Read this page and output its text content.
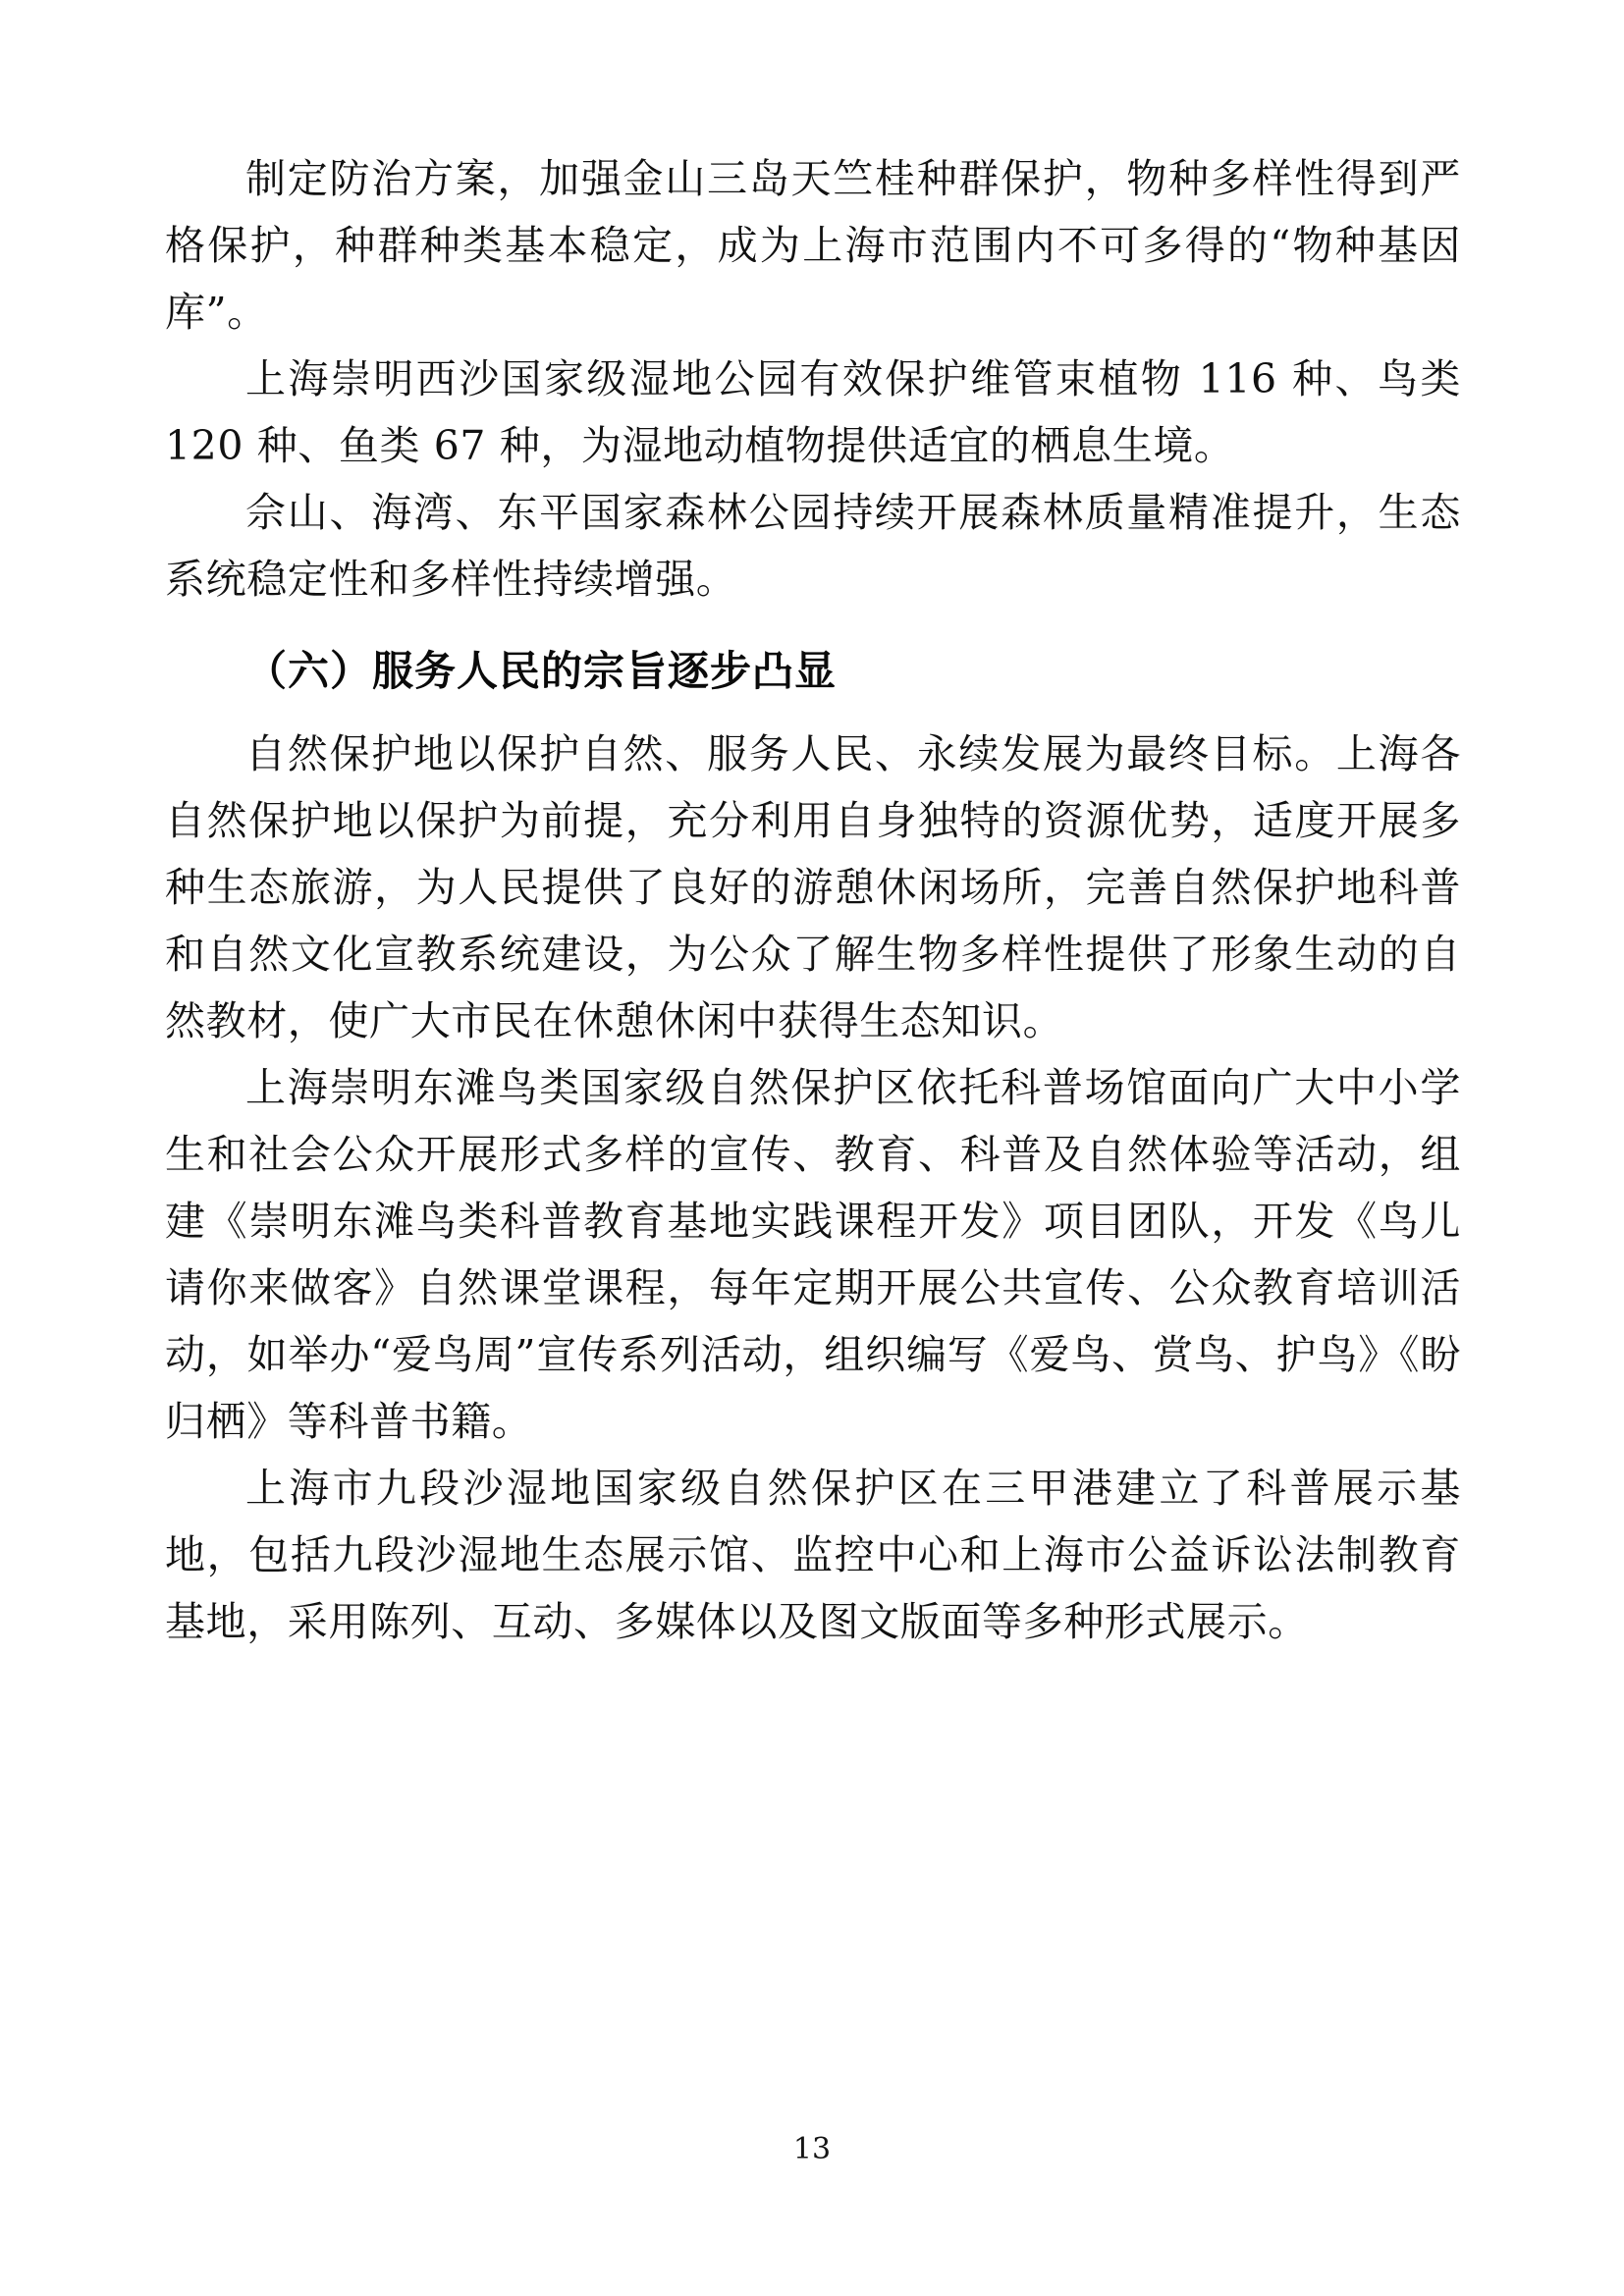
制定防治方案，加强金山三岛天竺桂种群保护，物种多样性得到严格保护，种群种类基本稳定，成为上海市范围内不可多得的“物种基因库”。

上海崇明西沙国家级湿地公园有效保护维管束植物 116 种、鸟类 120 种、鱼类 67 种，为湿地动植物提供适宜的栖息生境。

佘山、海湾、东平国家森林公园持续开展森林质量精准提升，生态系统稳定性和多样性持续增强。

（六）服务人民的宗旨逐步凸显

自然保护地以保护自然、服务人民、永续发展为最终目标。上海各自然保护地以保护为前提，充分利用自身独特的资源优势，适度开展多种生态旅游，为人民提供了良好的游憩休闲场所，完善自然保护地科普和自然文化宣教系统建设，为公众了解生物多样性提供了形象生动的自然教材，使广大市民在休憩休闲中获得生态知识。

上海崇明东滩鸟类国家级自然保护区依托科普场馆面向广大中小学生和社会公众开展形式多样的宣传、教育、科普及自然体验等活动，组建《崇明东滩鸟类科普教育基地实践课程开发》项目团队，开发《鸟儿请你来做客》自然课堂课程，每年定期开展公共宣传、公众教育培训活动，如举办“爱鸟周”宣传系列活动，组织编写《爱鸟、赏鸟、护鸟》《盼归栖》等科普书籍。

上海市九段沙湿地国家级自然保护区在三甲港建立了科普展示基地，包括九段沙湿地生态展示馆、监控中心和上海市公益诉讼法制教育基地，采用陈列、互动、多媒体以及图文版面等多种形式展示。

13
